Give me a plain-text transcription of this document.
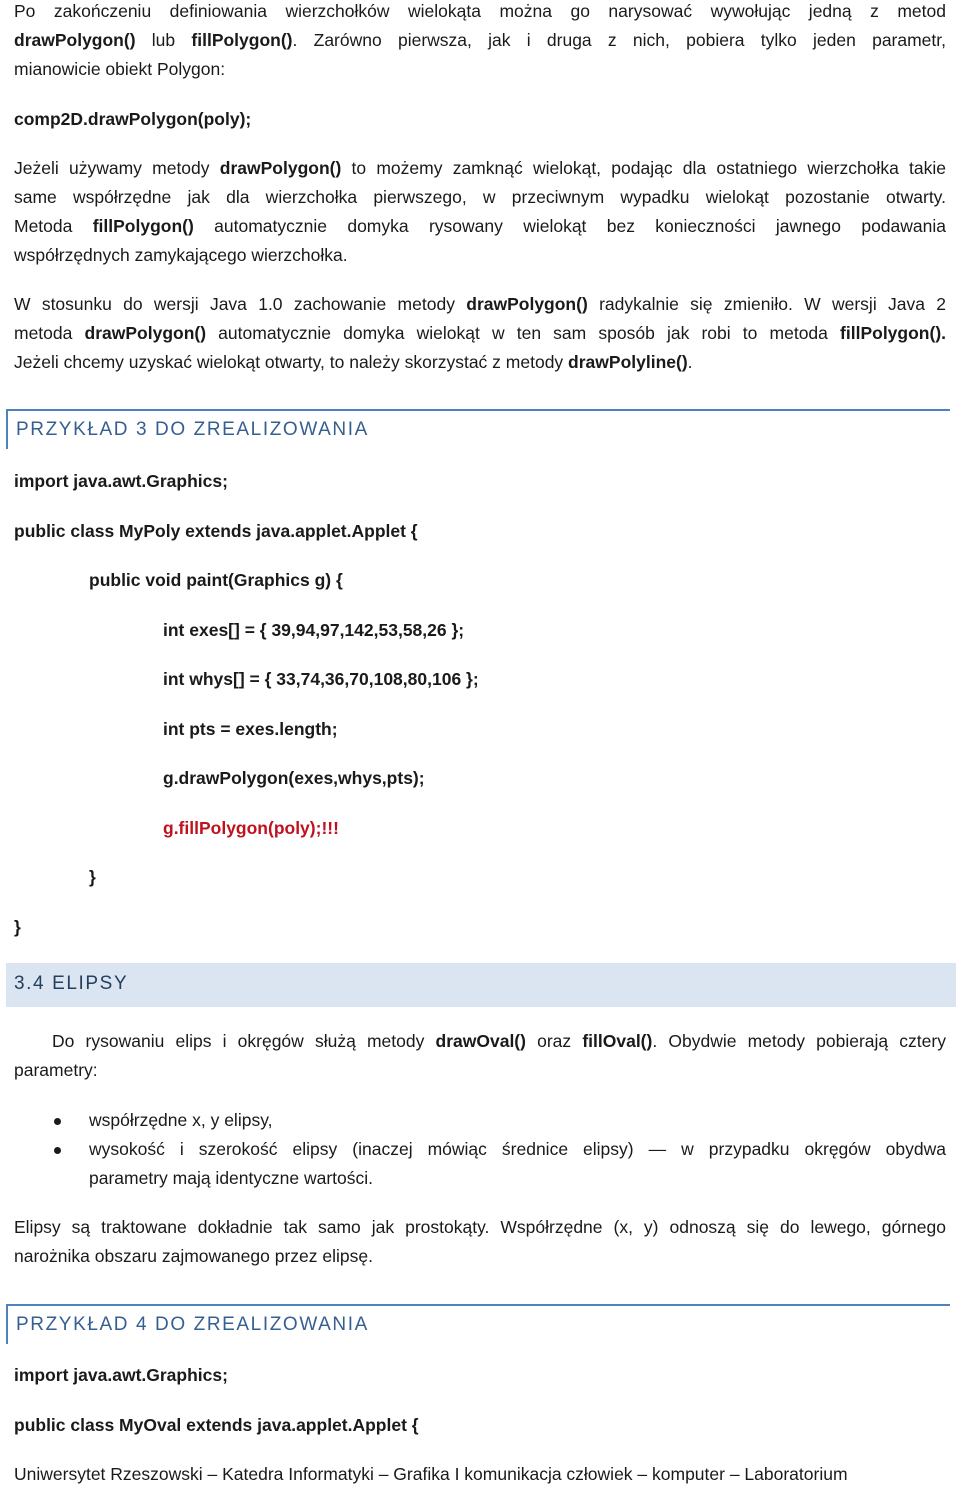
Po zakończeniu definiowania wierzchołków wielokąta można go narysować wywołując jedną z metod
drawPolygon() lub fillPolygon(). Zarówno pierwsza, jak i druga z nich, pobiera tylko jeden parametr,
mianowicie obiekt Polygon:
comp2D.drawPolygon(poly);
Jeżeli używamy metody drawPolygon() to możemy zamknąć wielokąt, podając dla ostatniego wierzchołka takie
same współrzędne jak dla wierzchołka pierwszego, w przeciwnym wypadku wielokąt pozostanie otwarty.
Metoda fillPolygon() automatycznie domyka rysowany wielokąt bez konieczności jawnego podawania
współrzędnych zamykającego wierzchołka.
W stosunku do wersji Java 1.0 zachowanie metody drawPolygon() radykalnie się zmieniło. W wersji Java 2
metoda drawPolygon() automatycznie domyka wielokąt w ten sam sposób jak robi to metoda fillPolygon().
Jeżeli chcemy uzyskać wielokąt otwarty, to należy skorzystać z metody drawPolyline().
PRZYKŁAD 3 DO ZREALIZOWANIA
import java.awt.Graphics;
public class MyPoly extends java.applet.Applet {
public void paint(Graphics g) {
int exes[] = { 39,94,97,142,53,58,26 };
int whys[] = { 33,74,36,70,108,80,106 };
int pts = exes.length;
g.drawPolygon(exes,whys,pts);
g.fillPolygon(poly);!!!
}
}
3.4 ELIPSY
Do rysowaniu elips i okręgów służą metody drawOval() oraz fillOval(). Obydwie metody pobierają cztery
parametry:
współrzędne x, y elipsy,
wysokość i szerokość elipsy (inaczej mówiąc średnice elipsy) — w przypadku okręgów obydwa
parametry mają identyczne wartości.
Elipsy są traktowane dokładnie tak samo jak prostokąty. Współrzędne (x, y) odnoszą się do lewego, górnego
narożnika obszaru zajmowanego przez elipsę.
PRZYKŁAD 4 DO ZREALIZOWANIA
import java.awt.Graphics;
public class MyOval extends java.applet.Applet {
Uniwersytet Rzeszowski – Katedra Informatyki – Grafika I komunikacja człowiek – komputer – Laboratorium
